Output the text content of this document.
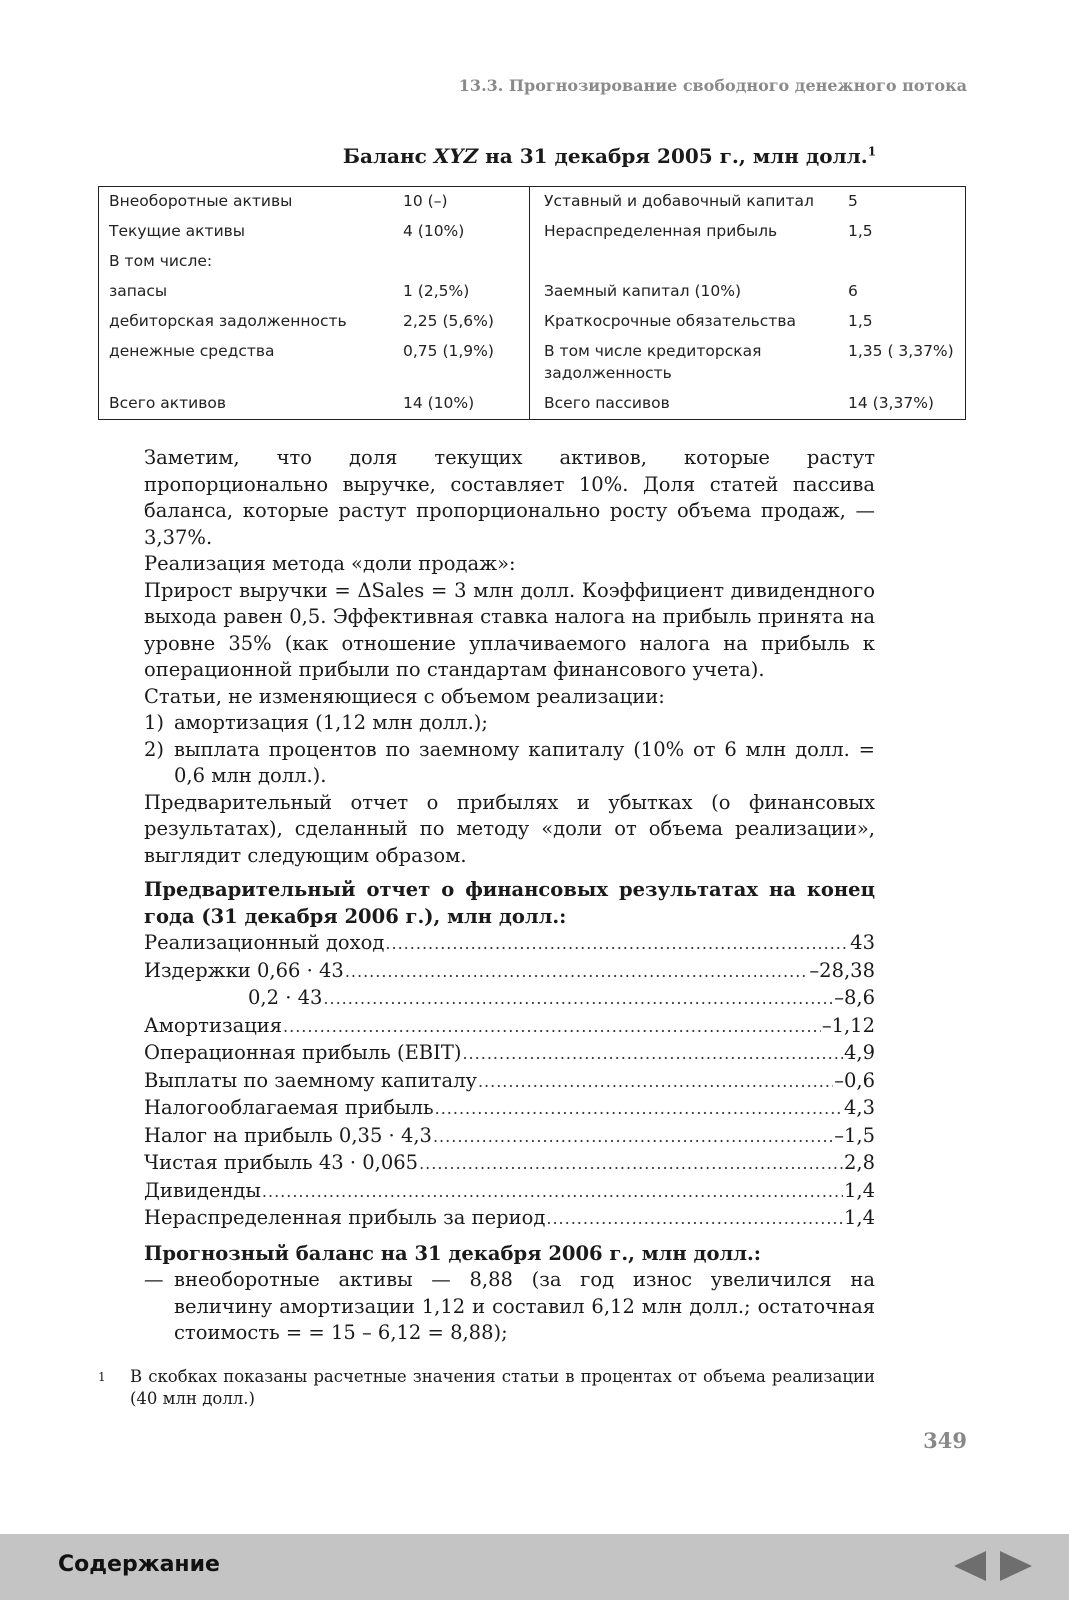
13.3. Прогнозирование свободного денежного потока
Баланс XYZ на 31 декабря 2005 г., млн долл.$^1$
Внеоборотные активы	10 (–)	Уставный и добавочный капитал	5
Текущие активы	4 (10%)	Нераспределенная прибыль	1,5
В том числе:			
запасы	1 (2,5%)	Заемный капитал (10%)	6
дебиторская задолженность	2,25 (5,6%)	Краткосрочные обязательства	1,5
денежные средства	0,75 (1,9%)	В том числе кредиторская задолженность	1,35 ( 3,37%)
Всего активов	14 (10%)	Всего пассивов	14 (3,37%)

Заметим, что доля текущих активов, которые растут пропорционально выручке, составляет 10%. Доля статей пассива баланса, которые растут пропорционально росту объема продаж, — 3,37%.

Реализация метода «доли продаж»:

Прирост выручки = ΔSales = 3 млн долл. Коэффициент дивидендного выхода равен 0,5. Эффективная ставка налога на прибыль принята на уровне 35% (как отношение уплачиваемого налога на прибыль к операционной прибыли по стандартам финансового учета).

Статьи, не изменяющиеся с объемом реализации:

1) амортизация (1,12 млн долл.);
2) выплата процентов по заемному капиталу (10% от 6 млн долл. = 0,6 млн долл.).

Предварительный отчет о прибылях и убытках (о финансовых результатах), сделанный по методу «доли от объема реализации», выглядит следующим образом.

Предварительный отчет о финансовых результатах на конец года (31 декабря 2006 г.), млн долл.:

Реализационный доход .....	43
Издержки 0,66 · 43 .....	–28,38
0,2 · 43 .....	–8,6
Амортизация .....	–1,12
Операционная прибыль (EBIT) .....	4,9
Выплаты по заемному капиталу .....	–0,6
Налогооблагаемая прибыль .....	4,3
Налог на прибыль 0,35 · 4,3 .....	–1,5
Чистая прибыль 43 · 0,065 .....	2,8
Дивиденды .....	1,4
Нераспределенная прибыль за период .....	1,4

Прогнозный баланс на 31 декабря 2006 г., млн долл.:

— внеоборотные активы — 8,88 (за год износ увеличился на величину амортизации 1,12 и составил 6,12 млн долл.; остаточная стоимость = = 15 – 6,12 = 8,88);
1	В скобках показаны расчетные значения статьи в процентах от объема реализации (40 млн долл.)
349
Содержание
